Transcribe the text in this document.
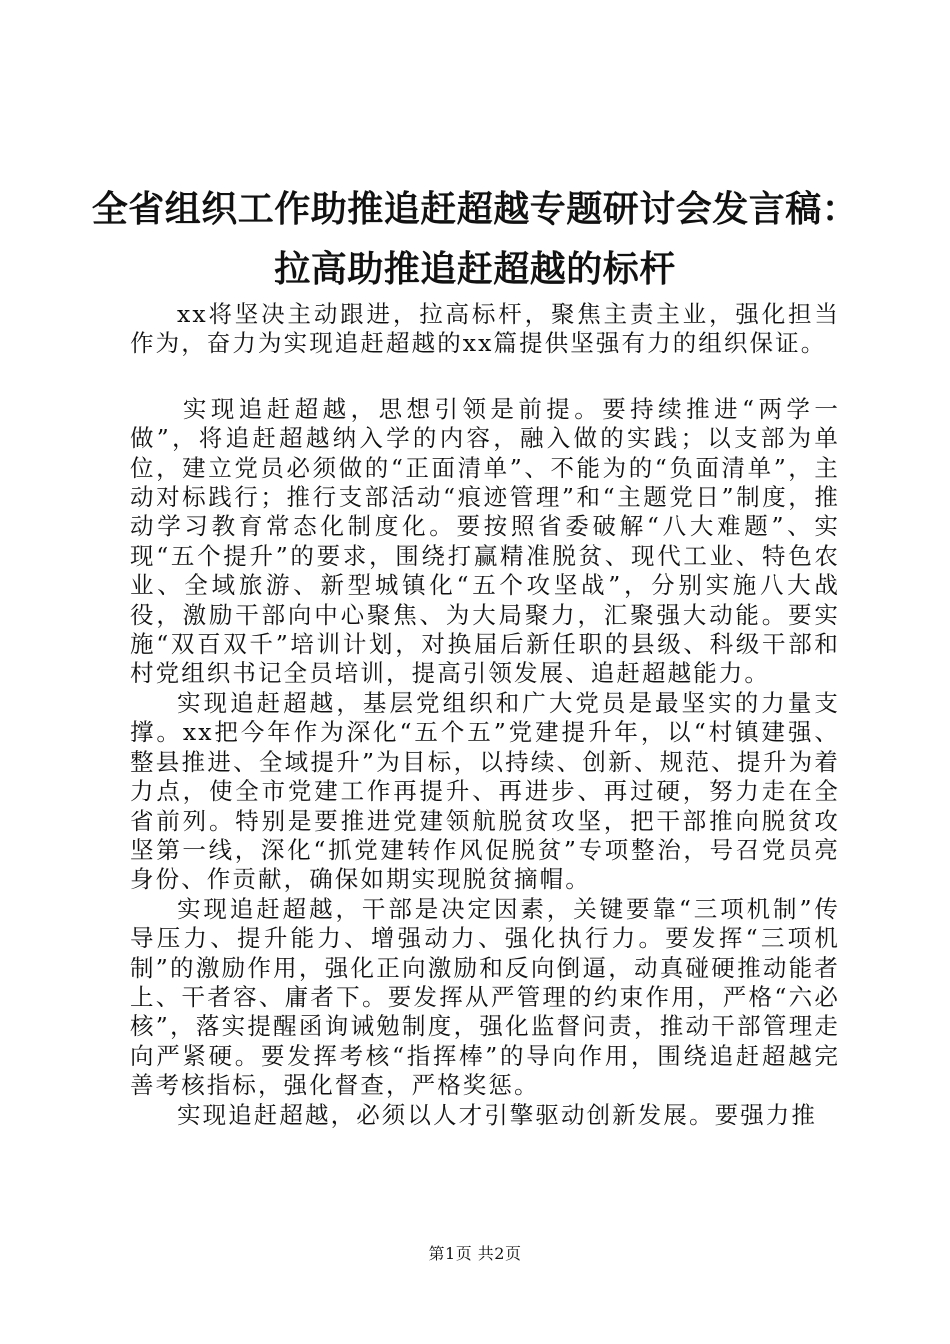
全省组织工作助推追赶超越专题研讨会发言稿：
拉高助推追赶超越的标杆

xx将坚决主动跟进，拉高标杆，聚焦主责主业，强化担当作为，奋力为实现追赶超越的xx篇提供坚强有力的组织保证。

实现追赶超越，思想引领是前提。要持续推进“两学一做”，将追赶超越纳入学的内容，融入做的实践；以支部为单位，建立党员必须做的“正面清单”、不能为的“负面清单”，主动对标践行；推行支部活动“痕迹管理”和“主题党日”制度，推动学习教育常态化制度化。要按照省委破解“八大难题”、实现“五个提升”的要求，围绕打赢精准脱贫、现代工业、特色农业、全域旅游、新型城镇化“五个攻坚战”，分别实施八大战役，激励干部向中心聚焦、为大局聚力，汇聚强大动能。要实施“双百双千”培训计划，对换届后新任职的县级、科级干部和村党组织书记全员培训，提高引领发展、追赶超越能力。

实现追赶超越，基层党组织和广大党员是最坚实的力量支撑。xx把今年作为深化“五个五”党建提升年，以“村镇建强、整县推进、全域提升”为目标，以持续、创新、规范、提升为着力点，使全市党建工作再提升、再进步、再过硬，努力走在全省前列。特别是要推进党建领航脱贫攻坚，把干部推向脱贫攻坚第一线，深化“抓党建转作风促脱贫”专项整治，号召党员亮身份、作贡献，确保如期实现脱贫摘帽。

实现追赶超越，干部是决定因素，关键要靠“三项机制”传导压力、提升能力、增强动力、强化执行力。要发挥“三项机制”的激励作用，强化正向激励和反向倒逼，动真碰硬推动能者上、干者容、庸者下。要发挥从严管理的约束作用，严格“六必核”，落实提醒函询诫勉制度，强化监督问责，推动干部管理走向严紧硬。要发挥考核“指挥棒”的导向作用，围绕追赶超越完善考核指标，强化督查，严格奖惩。

实现追赶超越，必须以人才引擎驱动创新发展。要强力推

第1页 共2页
